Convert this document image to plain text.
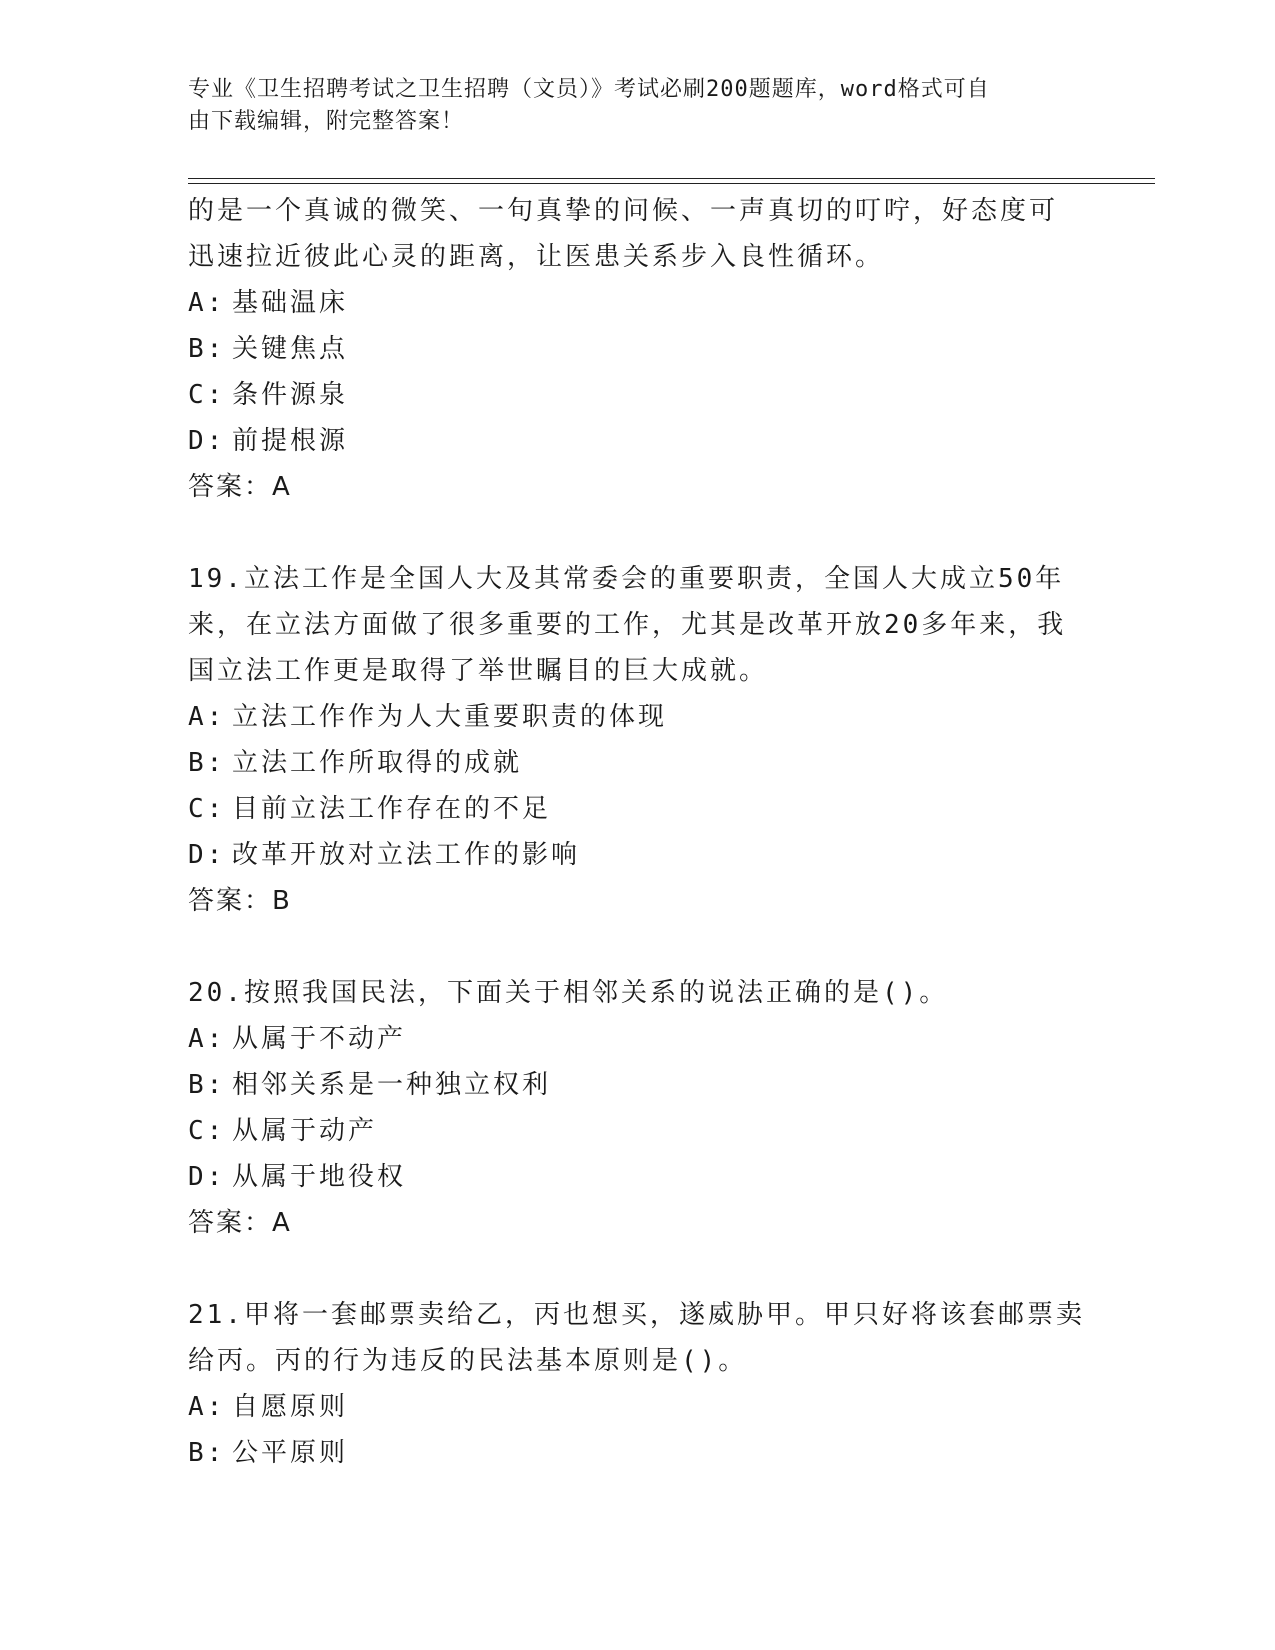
专业《卫生招聘考试之卫生招聘（文员）》考试必刷200题题库，word格式可自
由下载编辑，附完整答案！

的是一个真诚的微笑、一句真挚的问候、一声真切的叮咛，好态度可

迅速拉近彼此心灵的距离，让医患关系步入良性循环。

A: 基础温床

B: 关键焦点

C: 条件源泉

D: 前提根源

答案：A

19.立法工作是全国人大及其常委会的重要职责，全国人大成立50年

来，在立法方面做了很多重要的工作，尤其是改革开放20多年来，我

国立法工作更是取得了举世瞩目的巨大成就。

A: 立法工作作为人大重要职责的体现

B: 立法工作所取得的成就

C: 目前立法工作存在的不足

D: 改革开放对立法工作的影响

答案：B

20.按照我国民法，下面关于相邻关系的说法正确的是()。

A: 从属于不动产

B: 相邻关系是一种独立权利

C: 从属于动产

D: 从属于地役权

答案：A

21.甲将一套邮票卖给乙，丙也想买，遂威胁甲。甲只好将该套邮票卖

给丙。丙的行为违反的民法基本原则是()。

A: 自愿原则

B: 公平原则
